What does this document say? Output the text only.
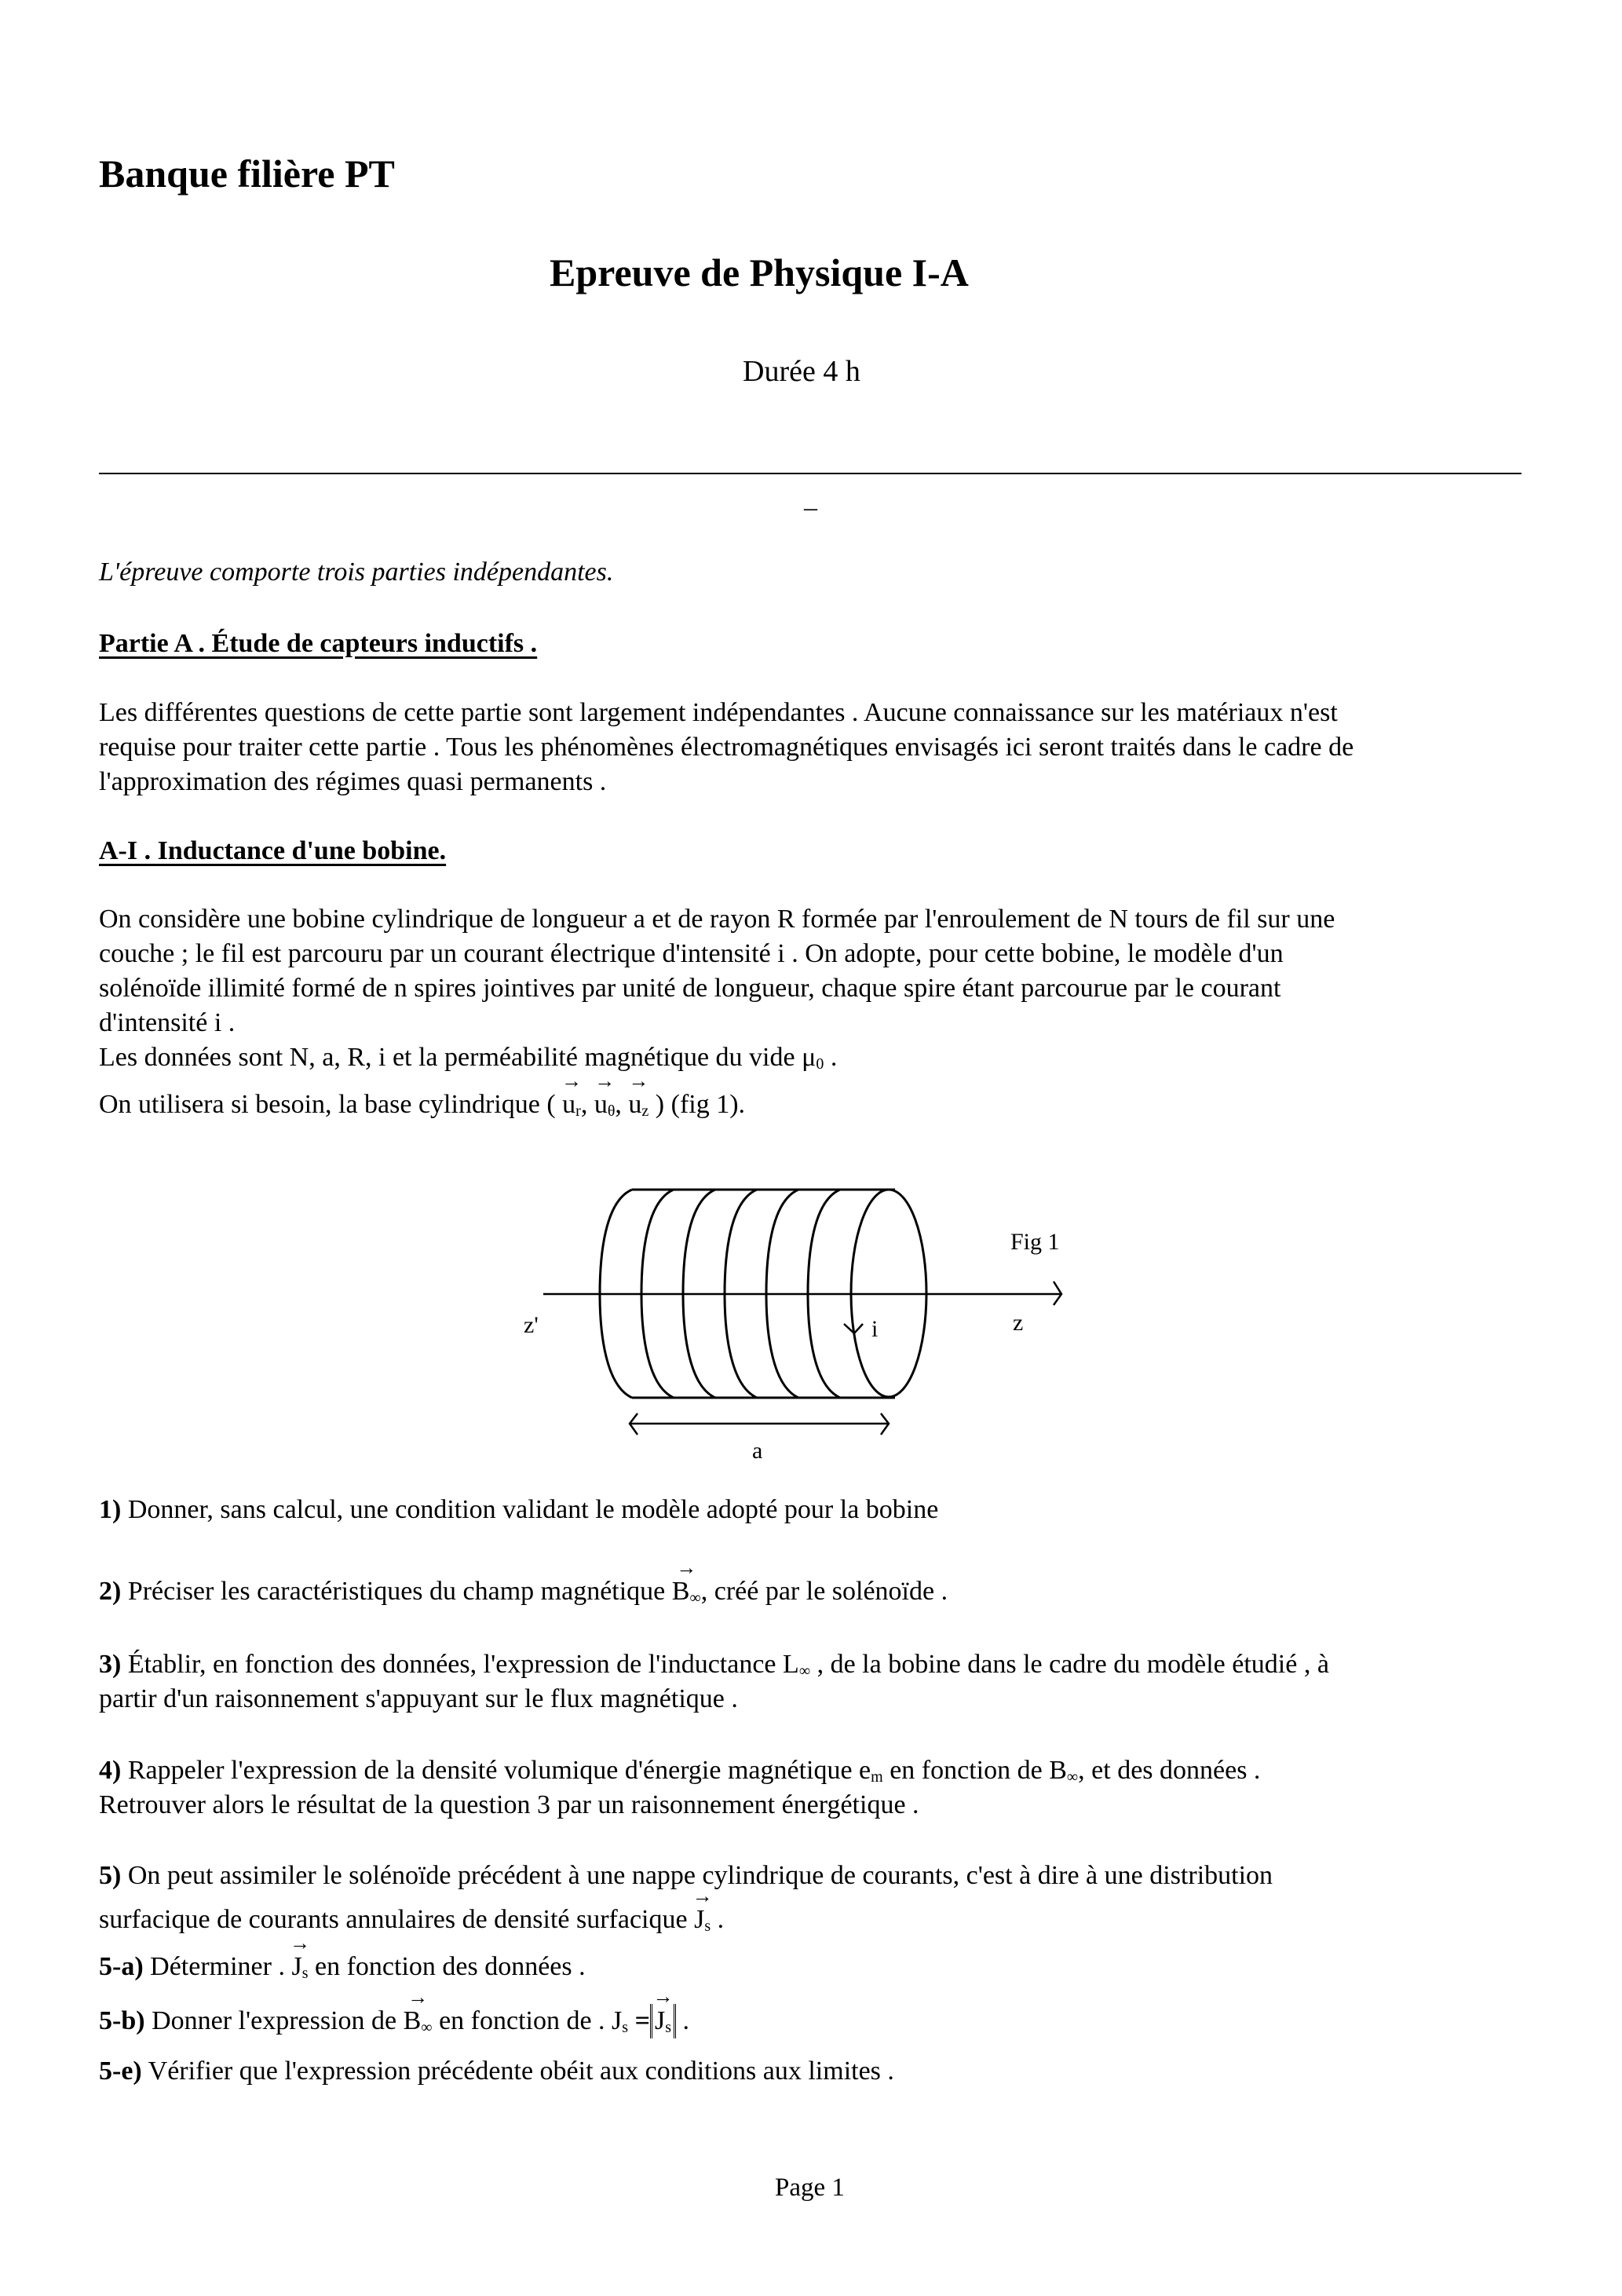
Banque filière PT
Epreuve de Physique I-A
Durée 4 h
–
L'épreuve comporte trois parties indépendantes.
Partie A . Étude de capteurs inductifs .
Les différentes questions de cette partie sont largement indépendantes . Aucune connaissance sur les matériaux n'est
requise pour traiter cette partie . Tous les phénomènes électromagnétiques envisagés ici seront traités dans le cadre de
l'approximation des régimes quasi permanents .
A-I . Inductance d'une bobine.
On considère une bobine cylindrique de longueur a et de rayon R formée par l'enroulement de N tours de fil sur une
couche ; le fil est parcouru par un courant électrique d'intensité i . On adopte, pour cette bobine, le modèle d'un
solénoïde illimité formé de n spires jointives par unité de longueur, chaque spire étant parcourue par le courant
d'intensité i .
Les données sont N, a, R, i et la perméabilité magnétique du vide $\mu_0$ .
On utilisera si besoin, la base cylindrique ( → $u_r$, → $u_\theta$, → $u_z$ ) (fig 1).
Fig 1
z'	z
i
a
1) Donner, sans calcul, une condition validant le modèle adopté pour la bobine
2) Préciser les caractéristiques du champ magnétique → $B_\infty$, créé par le solénoïde .
3) Établir, en fonction des données, l'expression de l'inductance $L_\infty$ , de la bobine dans le cadre du modèle étudié , à
partir d'un raisonnement s'appuyant sur le flux magnétique .
4) Rappeler l'expression de la densité volumique d'énergie magnétique $e_m$ en fonction de $B_\infty$, et des données .
Retrouver alors le résultat de la question 3 par un raisonnement énergétique .
5) On peut assimiler le solénoïde précédent à une nappe cylindrique de courants, c'est à dire à une distribution
surfacique de courants annulaires de densité surfacique → $J_s$ .
5-a) Déterminer . → $J_s$ en fonction des données .
5-b) Donner l'expression de → $B_\infty$ en fonction de . $J_s$ = → $J_s$ .
5-e) Vérifier que l'expression précédente obéit aux conditions aux limites .
Page 1
